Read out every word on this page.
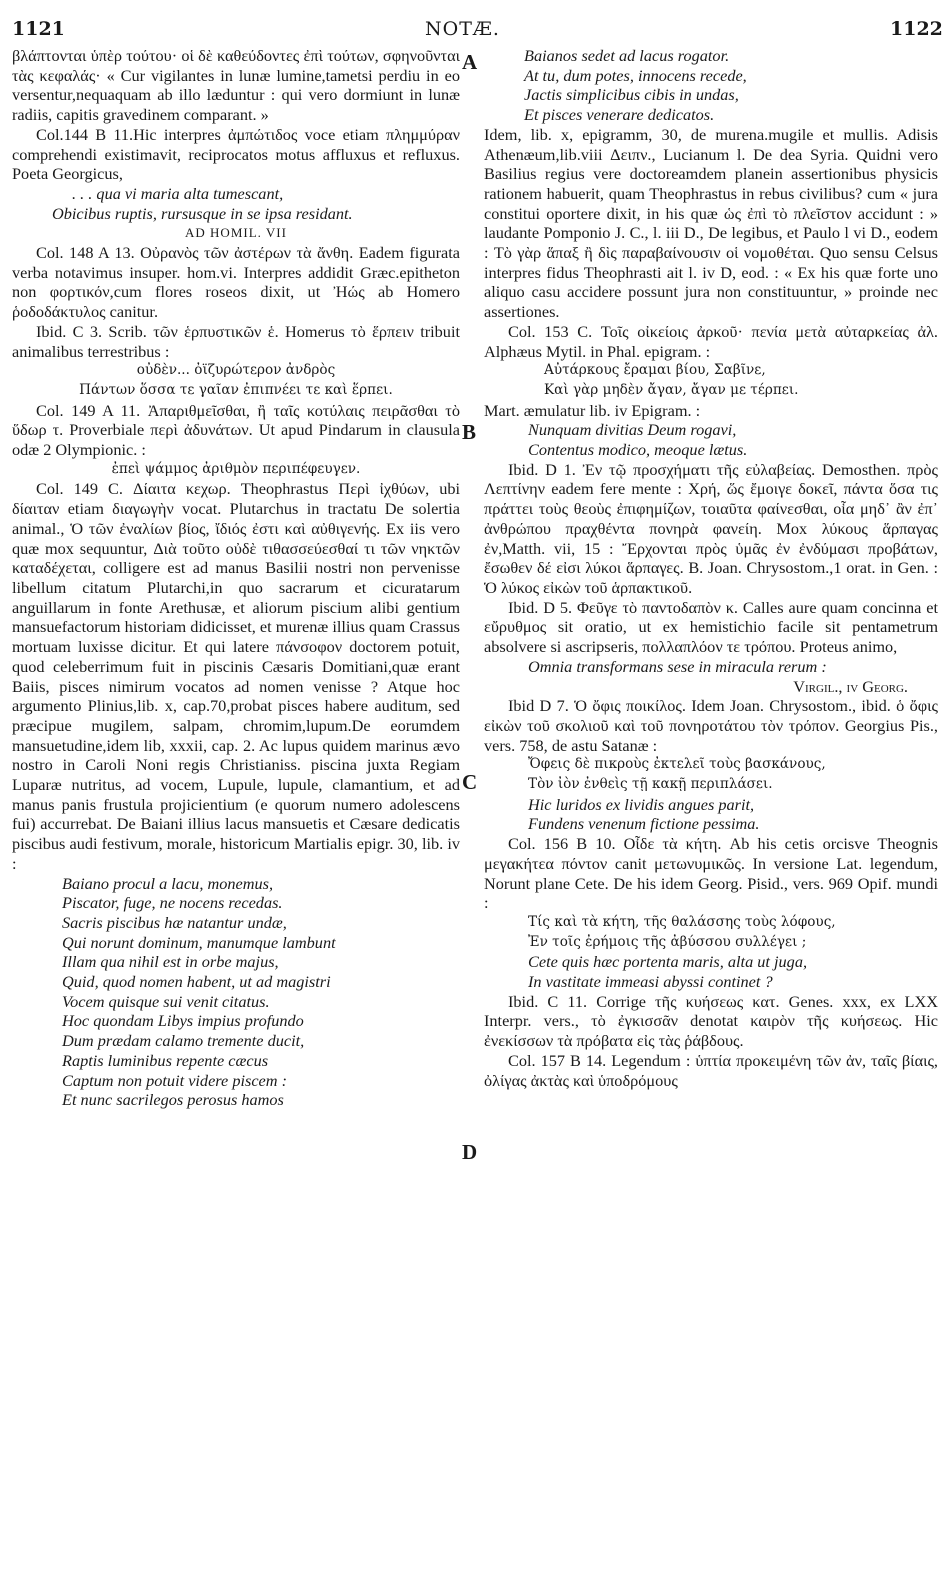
1121	NOTÆ.	1122
A
B
C
D

βλάπτονται ὑπὲρ τούτου· οἱ δὲ καθεύδοντες ἐπὶ τούτων, σφηνοῦνται τὰς κεφαλάς· « Cur vigilantes in lunæ lumine,tametsi perdiu in eo versentur,nequaquam ab illo læduntur : qui vero dormiunt in lunæ radiis, capitis gravedinem comparant. »

Col.144 B 11.Hic interpres ἀμπώτιδος voce etiam πλημμύραν comprehendi existimavit, reciprocatos motus affluxus et refluxus. Poeta Georgicus,

. . . qua vi maria alta tumescant,

Obicibus ruptis, rursusque in se ipsa residant.

AD HOMIL. VII

Col. 148 A 13. Οὐρανὸς τῶν ἀστέρων τὰ ἄνθη. Eadem figurata verba notavimus insuper. hom.vi. Interpres addidit Græc.epitheton non φορτικόν,cum flores roseos dixit, ut Ἠώς ab Homero ῥοδοδάκτυλος canitur.

Ibid. C 3. Scrib. τῶν ἑρπυστικῶν ἑ. Homerus τὸ ἕρπειν tribuit animalibus terrestribus :

οὐδὲν... ὀϊζυρώτερον ἀνδρὸς

Πάντων ὅσσα τε γαῖαν ἐπιπνέει τε καὶ ἕρπει.

Col. 149 A 11. Ἀπαριθμεῖσθαι, ἢ ταῖς κοτύλαις πειρᾶσθαι τὸ ὕδωρ τ. Proverbiale περὶ ἀδυνάτων. Ut apud Pindarum in clausula odæ 2 Olympionic. :

ἐπεὶ ψάμμος ἀριθμὸν περιπέφευγεν.

Col. 149 C. Δίαιτα κεχωρ. Theophrastus Περὶ ἰχθύων, ubi δίαιταν etiam διαγωγὴν vocat. Plutarchus in tractatu De solertia animal., Ὁ τῶν ἐναλίων βίος, ἴδιός ἐστι καὶ αὐθιγενής. Ex iis vero quæ mox sequuntur, Διὰ τοῦτο οὐδὲ τιθασσεύεσθαί τι τῶν νηκτῶν καταδέχεται, colligere est ad manus Basilii nostri non pervenisse libellum citatum Plutarchi,in quo sacrarum et cicuratarum anguillarum in fonte Arethusæ, et aliorum piscium alibi gentium mansuefactorum historiam didicisset, et murenæ illius quam Crassus mortuam luxisse dicitur. Et qui latere πάνσοφον doctorem potuit, quod celeberrimum fuit in piscinis Cæsaris Domitiani,quæ erant Baiis, pisces nimirum vocatos ad nomen venisse ? Atque hoc argumento Plinius,lib. x, cap.70,probat pisces habere auditum, sed præcipue mugilem, salpam, chromim,lupum.De eorumdem mansuetudine,idem lib, xxxii, cap. 2. Ac lupus quidem marinus ævo nostro in Caroli Noni regis Christianiss. piscina juxta Regiam Luparæ nutritus, ad vocem, Lupule, lupule, clamantium, et ad manus panis frustula projicientium (e quorum numero adolescens fui) accurrebat. De Baiani illius lacus mansuetis et Cæsare dedicatis piscibus audi festivum, morale, historicum Martialis epigr. 30, lib. iv :

Baiano procul a lacu, monemus,

Piscator, fuge, ne nocens recedas.

Sacris piscibus hæ natantur undæ,

Qui norunt dominum, manumque lambunt

Illam qua nihil est in orbe majus,

Quid, quod nomen habent, ut ad magistri

Vocem quisque sui venit citatus.

Hoc quondam Libys impius profundo

Dum prædam calamo tremente ducit,

Raptis luminibus repente cæcus

Captum non potuit videre piscem :

Et nunc sacrilegos perosus hamos

Baianos sedet ad lacus rogator.

At tu, dum potes, innocens recede,

Jactis simplicibus cibis in undas,

Et pisces venerare dedicatos.

Idem, lib. x, epigramm, 30, de murena.mugile et mullis. Adisis Athenæum,lib.viii Δειπν., Lucianum l. De dea Syria. Quidni vero Basilius regius vere doctoreamdem planein assertionibus physicis rationem habuerit, quam Theophrastus in rebus civilibus? cum « jura constitui oportere dixit, in his quæ ὡς ἐπὶ τὸ πλεῖστον accidunt : » laudante Pomponio J. C., l. iii D., De legibus, et Paulo l vi D., eodem : Τὸ γὰρ ἅπαξ ἢ δὶς παραβαίνουσιν οἱ νομοθέται. Quo sensu Celsus interpres fidus Theophrasti ait l. iv D, eod. : « Ex his quæ forte uno aliquo casu accidere possunt jura non constituuntur, » proinde nec assertiones.

Col. 153 C. Τοῖς οἰκείοις ἀρκοῦ· πενία μετὰ αὐταρκείας ἀλ. Alphæus Mytil. in Phal. epigram. :

Αὐτάρκους ἔραμαι βίου, Σαβῖνε,

Καὶ γὰρ μηδὲν ἄγαν, ἄγαν με τέρπει.

Mart. æmulatur lib. iv Epigram. :

Nunquam divitias Deum rogavi,

Contentus modico, meoque lætus.

Ibid. D 1. Ἐν τῷ προσχήματι τῆς εὐλαβείας. Demosthen. πρὸς Λεπτίνην eadem fere mente : Χρή, ὥς ἔμοιγε δοκεῖ, πάντα ὅσα τις πράττει τοὺς θεοὺς ἐπιφημίζων, τοιαῦτα φαίνεσθαι, οἷα μηδ᾽ ἂν ἐπ᾽ ἀνθρώπου πραχθέντα πονηρὰ φανείη. Mox λύκους ἅρπαγας ἐν,Matth. vii, 15 : Ἔρχονται πρὸς ὑμᾶς ἐν ἐνδύμασι προβάτων, ἔσωθεν δέ εἰσι λύκοι ἅρπαγες. B. Joan. Chrysostom.,1 orat. in Gen. : Ὁ λύκος εἰκὼν τοῦ ἁρπακτικοῦ.

Ibid. D 5. Φεῦγε τὸ παντοδαπὸν κ. Calles aure quam concinna et εὔρυθμος sit oratio, ut ex hemistichio facile sit pentametrum absolvere si ascripseris, πολλαπλόον τε τρόπου. Proteus animo,

Omnia transformans sese in miracula rerum :

Virgil., iv Georg.

Ibid D 7. Ὁ ὄφις ποικίλος. Idem Joan. Chrysostom., ibid. ὁ ὄφις εἰκὼν τοῦ σκολιοῦ καὶ τοῦ πονηροτάτου τὸν τρόπον. Georgius Pis., vers. 758, de astu Satanæ :

Ὄφεις δὲ πικροὺς ἐκτελεῖ τοὺς βασκάνους,

Τὸν ἰὸν ἐνθεὶς τῇ κακῇ περιπλάσει.

Hic luridos ex lividis angues parit,

Fundens venenum fictione pessima.

Col. 156 B 10. Οἶδε τὰ κήτη. Ab his cetis orcisve Theognis μεγακήτεα πόντον canit μετωνυμικῶς. In versione Lat. legendum, Norunt plane Cete. De his idem Georg. Pisid., vers. 969 Opif. mundi :

Τίς καὶ τὰ κήτη, τῆς θαλάσσης τοὺς λόφους,

Ἐν τοῖς ἐρήμοις τῆς ἀβύσσου συλλέγει ;

Cete quis hæc portenta maris, alta ut juga,

In vastitate immeasi abyssi continet ?

Ibid. C 11. Corrige τῆς κυήσεως κατ. Genes. xxx, ex LXX Interpr. vers., τὸ ἐγκισσᾶν denotat καιρὸν τῆς κυήσεως. Hic ἐνεκίσσων τὰ πρόβατα εἰς τὰς ῥάβδους.

Col. 157 B 14. Legendum : ὑπτία προκειμένη τῶν ἀν, ταῖς βίαις, ὀλίγας ἀκτὰς καὶ ὑποδρόμους
